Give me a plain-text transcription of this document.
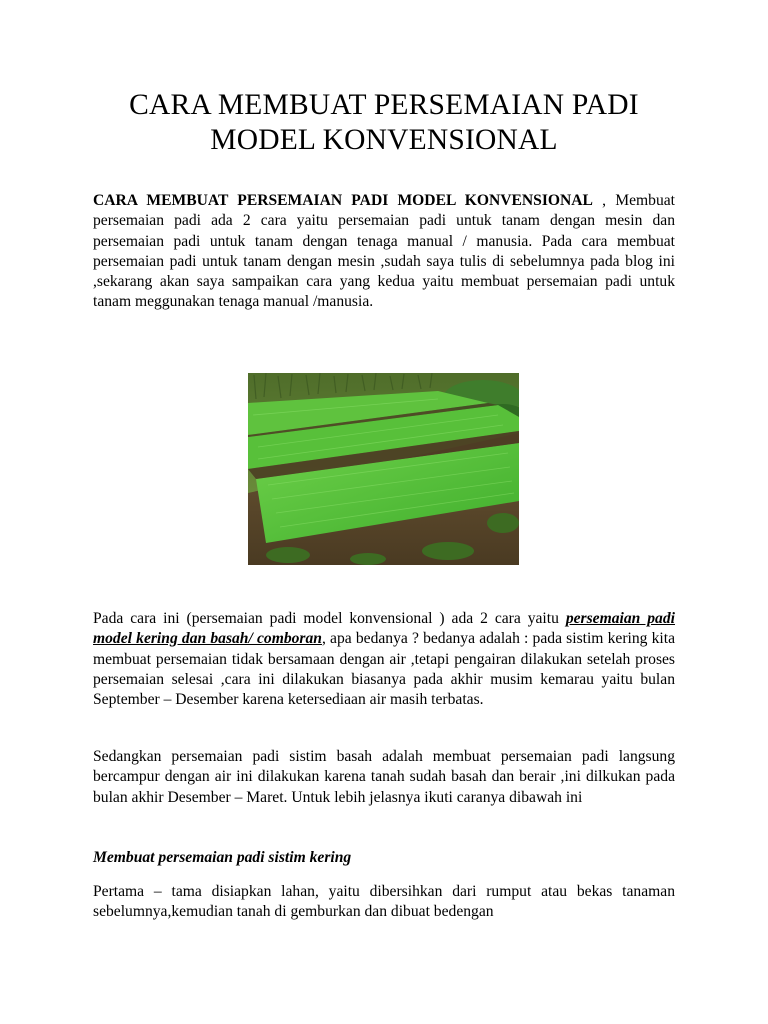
CARA MEMBUAT PERSEMAIAN PADI MODEL KONVENSIONAL

CARA MEMBUAT PERSEMAIAN PADI MODEL KONVENSIONAL , Membuat persemaian padi ada 2 cara yaitu persemaian padi untuk tanam dengan mesin dan persemaian padi untuk tanam dengan tenaga manual / manusia. Pada cara membuat persemaian padi untuk tanam dengan mesin ,sudah saya tulis di sebelumnya pada blog ini ,sekarang akan saya sampaikan cara yang kedua yaitu membuat persemaian padi untuk tanam meggunakan tenaga manual /manusia.

Pada cara ini (persemaian padi model konvensional ) ada 2 cara yaitu persemaian padi model kering dan basah/ comboran, apa bedanya ? bedanya adalah : pada sistim kering kita membuat persemaian tidak bersamaan dengan air ,tetapi pengairan dilakukan setelah proses persemaian selesai ,cara ini dilakukan biasanya pada akhir musim kemarau yaitu bulan September – Desember karena ketersediaan air masih terbatas.

Sedangkan persemaian padi sistim basah adalah membuat persemaian padi langsung bercampur dengan air ini dilakukan karena tanah sudah basah dan berair ,ini dilkukan pada bulan akhir Desember – Maret. Untuk lebih jelasnya ikuti caranya dibawah ini

Membuat persemaian padi sistim kering

Pertama – tama disiapkan lahan, yaitu dibersihkan dari rumput atau bekas tanaman sebelumnya,kemudian tanah di gemburkan dan dibuat bedengan
